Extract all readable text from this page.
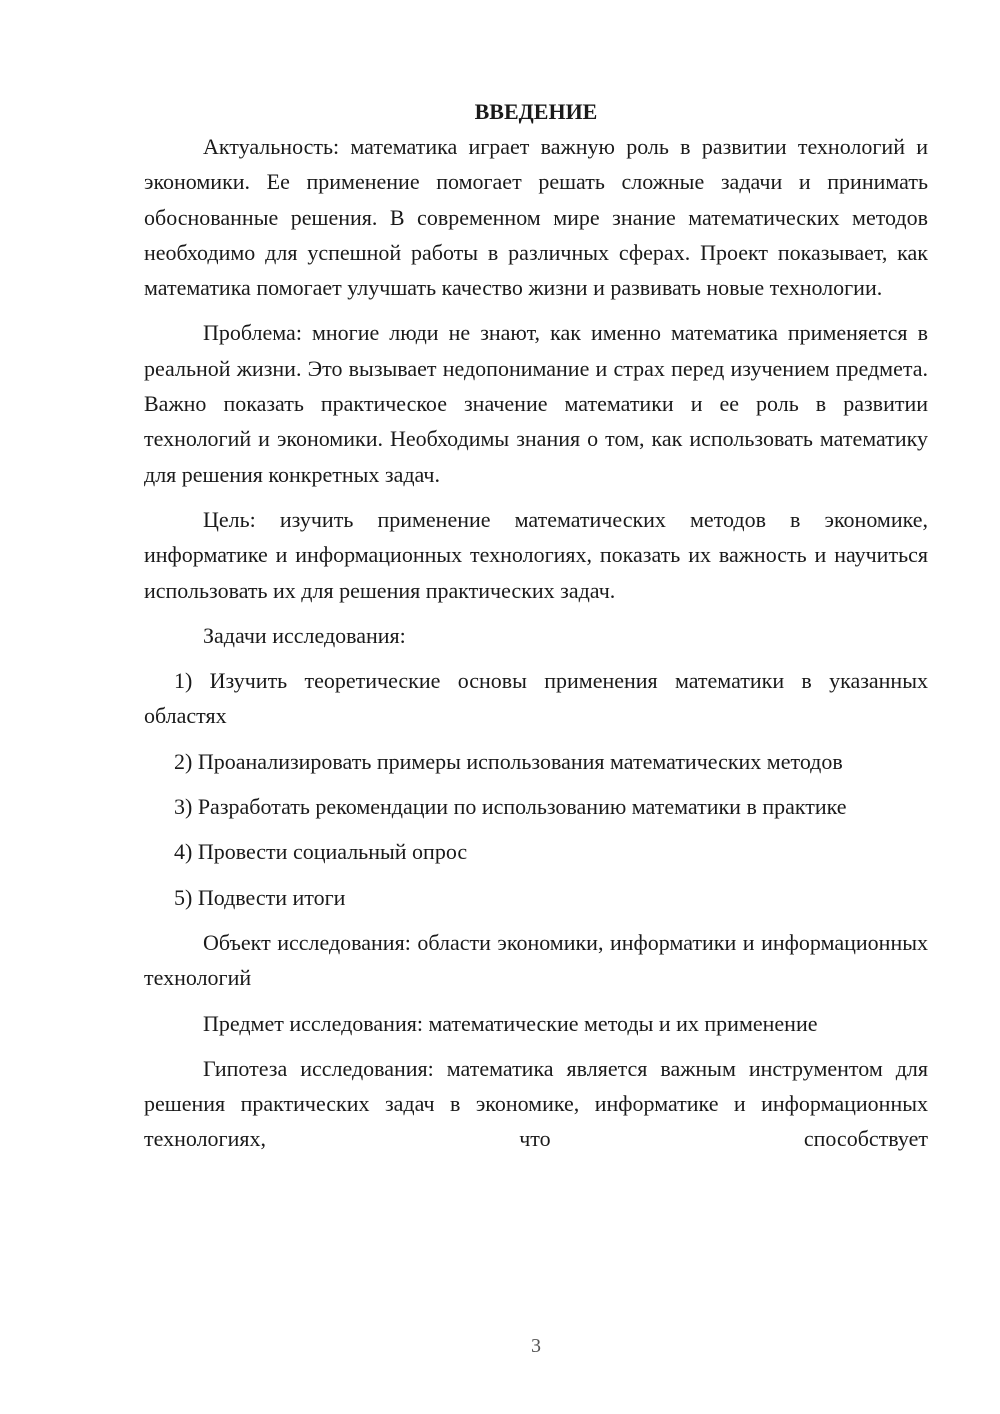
ВВЕДЕНИЕ

Актуальность: математика играет важную роль в развитии технологий и экономики. Ее применение помогает решать сложные задачи и принимать обоснованные решения. В современном мире знание математических методов необходимо для успешной работы в различных сферах. Проект показывает, как математика помогает улучшать качество жизни и развивать новые технологии.

Проблема: многие люди не знают, как именно математика применяется в реальной жизни. Это вызывает недопонимание и страх перед изучением предмета. Важно показать практическое значение математики и ее роль в развитии технологий и экономики. Необходимы знания о том, как использовать математику для решения конкретных задач.

Цель: изучить применение математических методов в экономике, информатике и информационных технологиях, показать их важность и научиться использовать их для решения практических задач.

Задачи исследования:

1) Изучить теоретические основы применения математики в указанных областях

2) Проанализировать примеры использования математических методов

3) Разработать рекомендации по использованию математики в практике

4) Провести социальный опрос

5) Подвести итоги

Объект исследования: области экономики, информатики и информационных технологий

Предмет исследования: математические методы и их применение

Гипотеза исследования: математика является важным инструментом для решения практических задач в экономике, информатике и информационных технологиях, что способствует

3
